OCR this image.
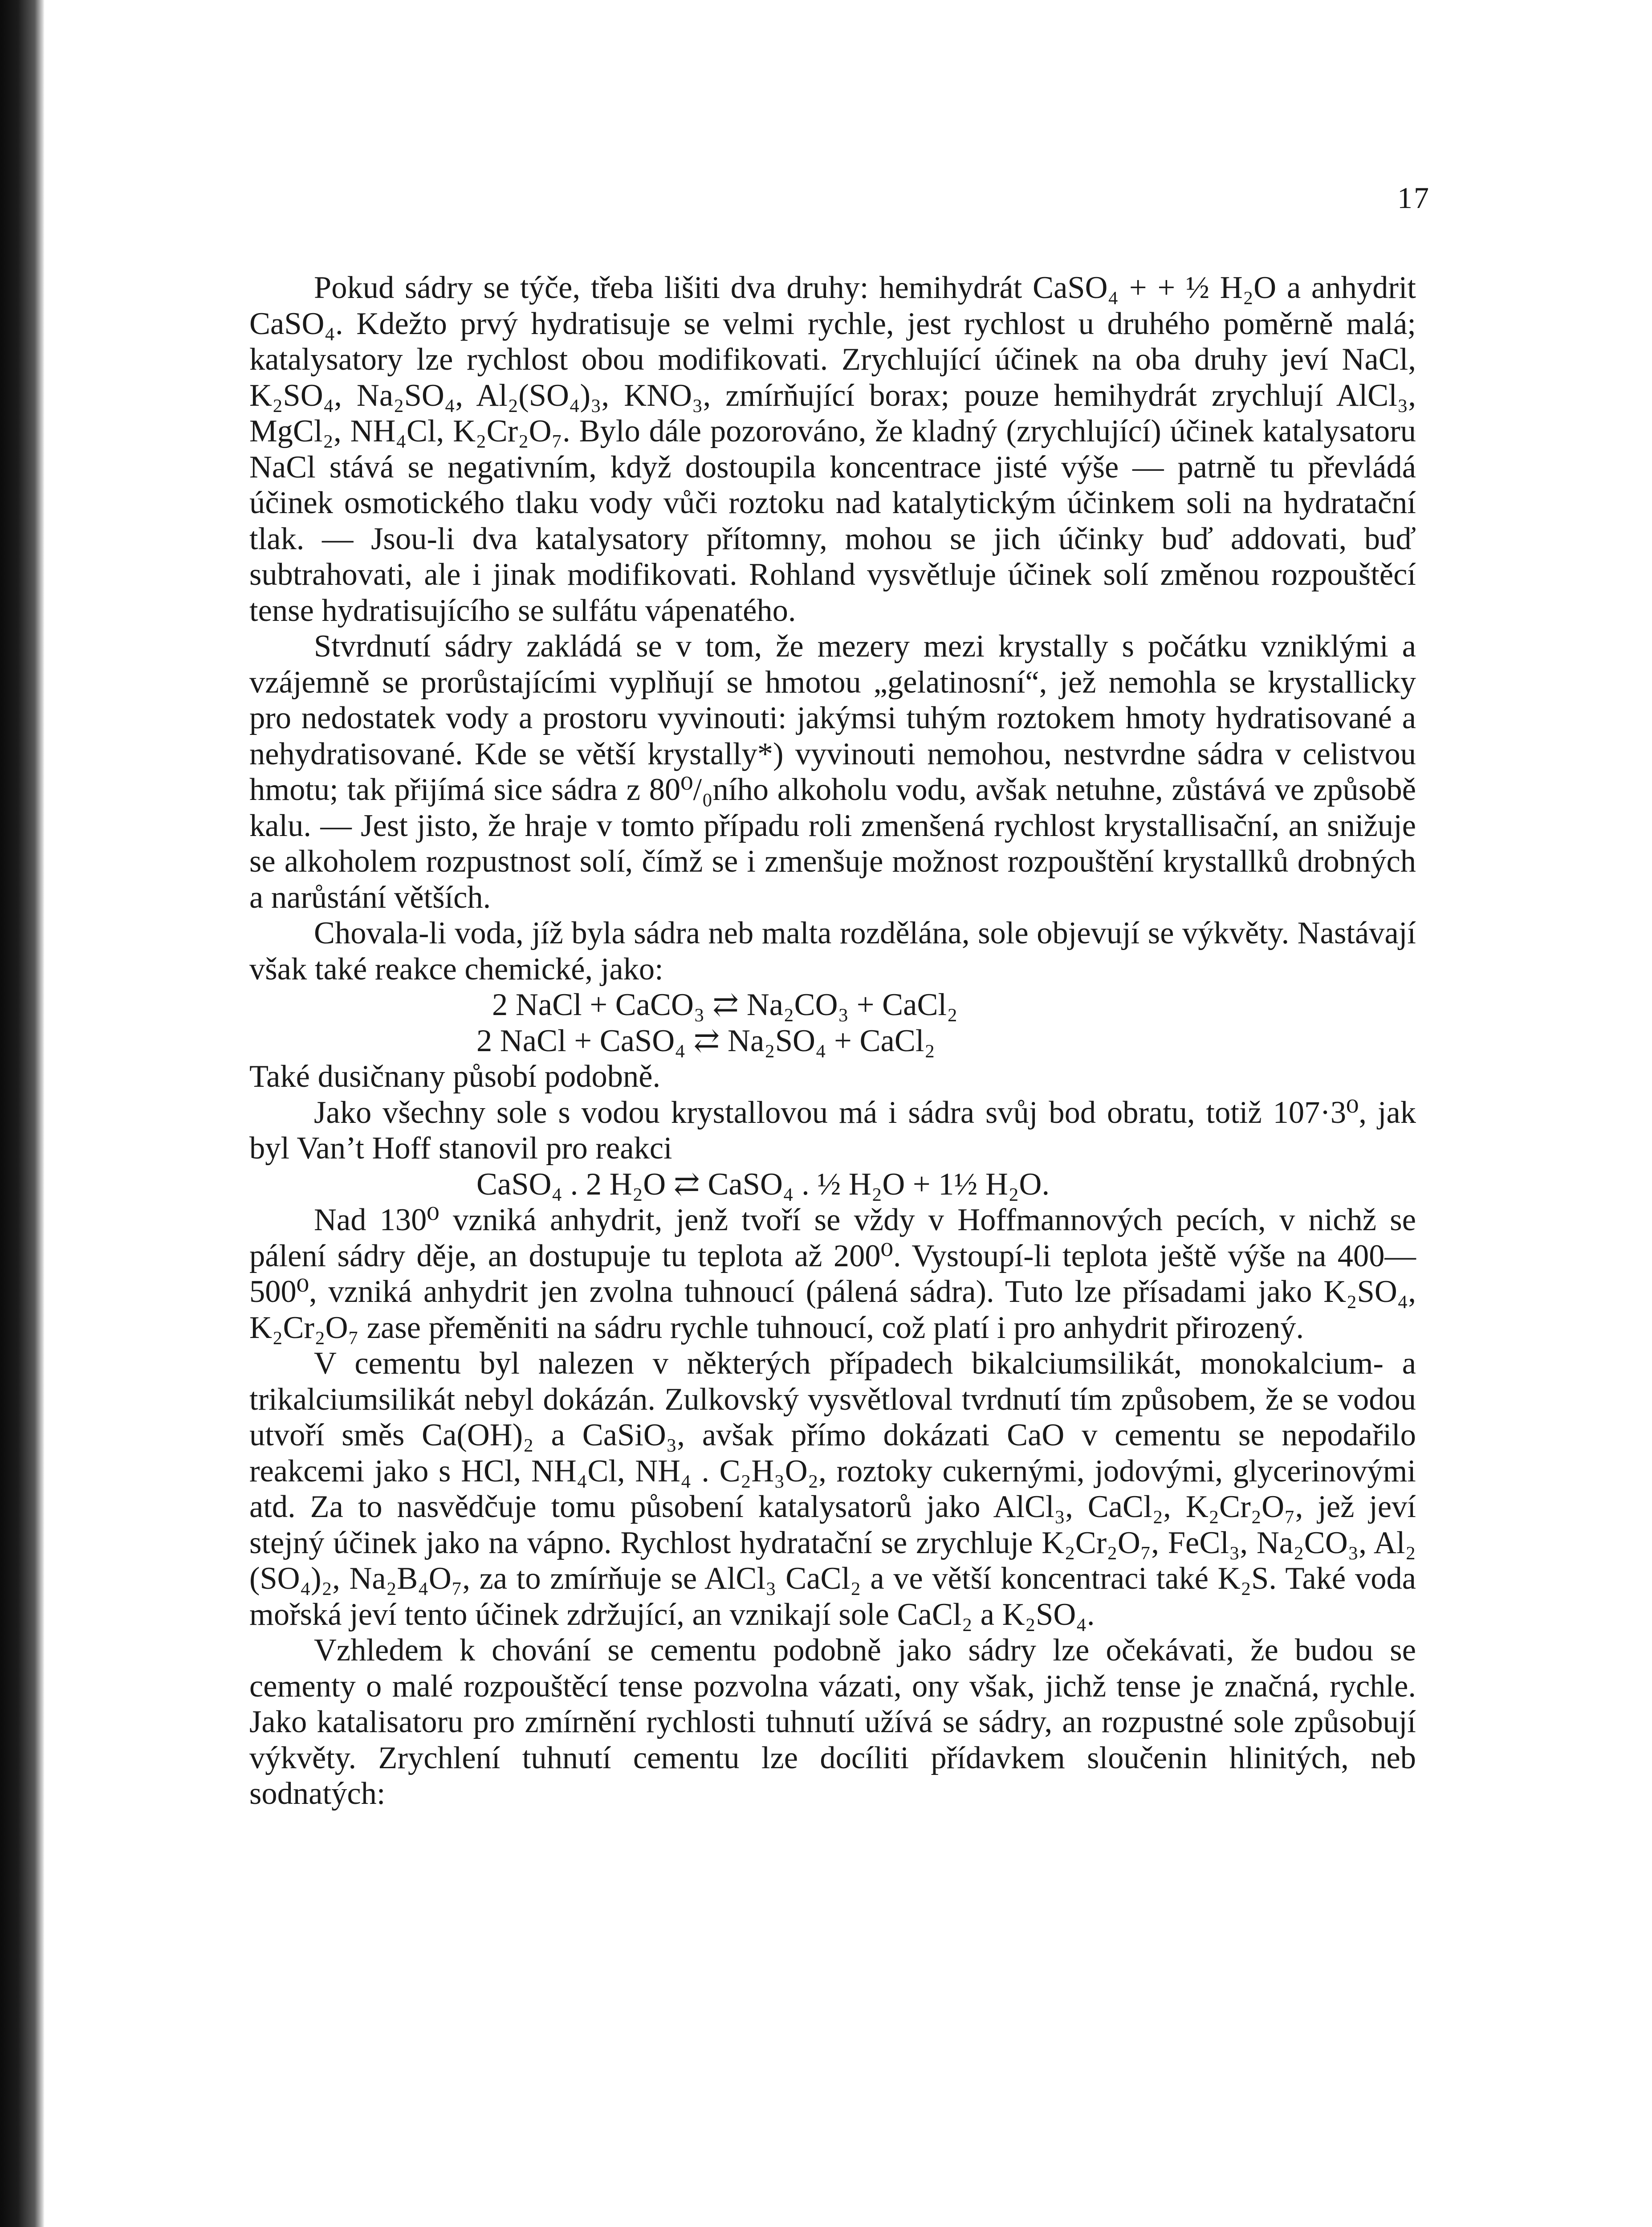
17

Pokud sádry se týče, třeba lišiti dva druhy: hemihydrát CaSO₄ + + ½ H₂O a anhydrit CaSO₄. Kdežto prvý hydratisuje se velmi rychle, jest rychlost u druhého poměrně malá; katalysatory lze rychlost obou modifikovati. Zrychlující účinek na oba druhy jeví NaCl, K₂SO₄, Na₂SO₄, Al₂(SO₄)₃, KNO₃, zmírňující borax; pouze hemihydrát zrychlují AlCl₃, MgCl₂, NH₄Cl, K₂Cr₂O₇. Bylo dále pozorováno, že kladný (zrychlující) účinek katalysatoru NaCl stává se negativním, když dostoupila koncentrace jisté výše — patrně tu převládá účinek osmotického tlaku vody vůči roztoku nad katalytickým účinkem soli na hydratační tlak. — Jsou-li dva katalysatory přítomny, mohou se jich účinky buď addovati, buď subtrahovati, ale i jinak modifikovati. Rohland vysvětluje účinek solí změnou rozpouštěcí tense hydratisujícího se sulfátu vápenatého.

Stvrdnutí sádry zakládá se v tom, že mezery mezi krystally s počátku vzniklými a vzájemně se prorůstajícími vyplňují se hmotou „gelatinosní“, jež nemohla se krystallicky pro nedostatek vody a prostoru vyvinouti: jakýmsi tuhým roztokem hmoty hydratisované a nehydratisované. Kde se větší krystally*) vyvinouti nemohou, nestvrdne sádra v celistvou hmotu; tak přijímá sice sádra z 80⁰/₀ního alkoholu vodu, avšak netuhne, zůstává ve způsobě kalu. — Jest jisto, že hraje v tomto případu roli zmenšená rychlost krystallisační, an snižuje se alkoholem rozpustnost solí, čímž se i zmenšuje možnost rozpouštění krystallků drobných a narůstání větších.

Chovala-li voda, jíž byla sádra neb malta rozdělána, sole objevují se výkvěty. Nastávají však také reakce chemické, jako:

2 NaCl + CaCO₃ ⇄ Na₂CO₃ + CaCl₂
2 NaCl + CaSO₄ ⇄ Na₂SO₄ + CaCl₂

Také dusičnany působí podobně.

Jako všechny sole s vodou krystallovou má i sádra svůj bod obratu, totiž 107·3⁰, jak byl Van’t Hoff stanovil pro reakci

CaSO₄ . 2 H₂O ⇄ CaSO₄ . ½ H₂O + 1½ H₂O.

Nad 130⁰ vzniká anhydrit, jenž tvoří se vždy v Hoffmannových pecích, v nichž se pálení sádry děje, an dostupuje tu teplota až 200⁰. Vystoupí-li teplota ještě výše na 400—500⁰, vzniká anhydrit jen zvolna tuhnoucí (pálená sádra). Tuto lze přísadami jako K₂SO₄, K₂Cr₂O₇ zase přeměniti na sádru rychle tuhnoucí, což platí i pro anhydrit přirozený.

V cementu byl nalezen v některých případech bikalciumsilikát, monokalcium- a trikalciumsilikát nebyl dokázán. Zulkovský vysvětloval tvrdnutí tím způsobem, že se vodou utvoří směs Ca(OH)₂ a CaSiO₃, avšak přímo dokázati CaO v cementu se nepodařilo reakcemi jako s HCl, NH₄Cl, NH₄ . C₂H₃O₂, roztoky cukernými, jodovými, glycerinovými atd. Za to nasvědčuje tomu působení katalysatorů jako AlCl₃, CaCl₂, K₂Cr₂O₇, jež jeví stejný účinek jako na vápno. Rychlost hydratační se zrychluje K₂Cr₂O₇, FeCl₃, Na₂CO₃, Al₂ (SO₄)₂, Na₂B₄O₇, za to zmírňuje se AlCl₃ CaCl₂ a ve větší koncentraci také K₂S. Také voda mořská jeví tento účinek zdržující, an vznikají sole CaCl₂ a K₂SO₄.

Vzhledem k chování se cementu podobně jako sádry lze očekávati, že budou se cementy o malé rozpouštěcí tense pozvolna vázati, ony však, jichž tense je značná, rychle. Jako katalisatoru pro zmírnění rychlosti tuhnutí užívá se sádry, an rozpustné sole způsobují výkvěty. Zrychlení tuhnutí cementu lze docíliti přídavkem sloučenin hlinitých, neb sodnatých:
